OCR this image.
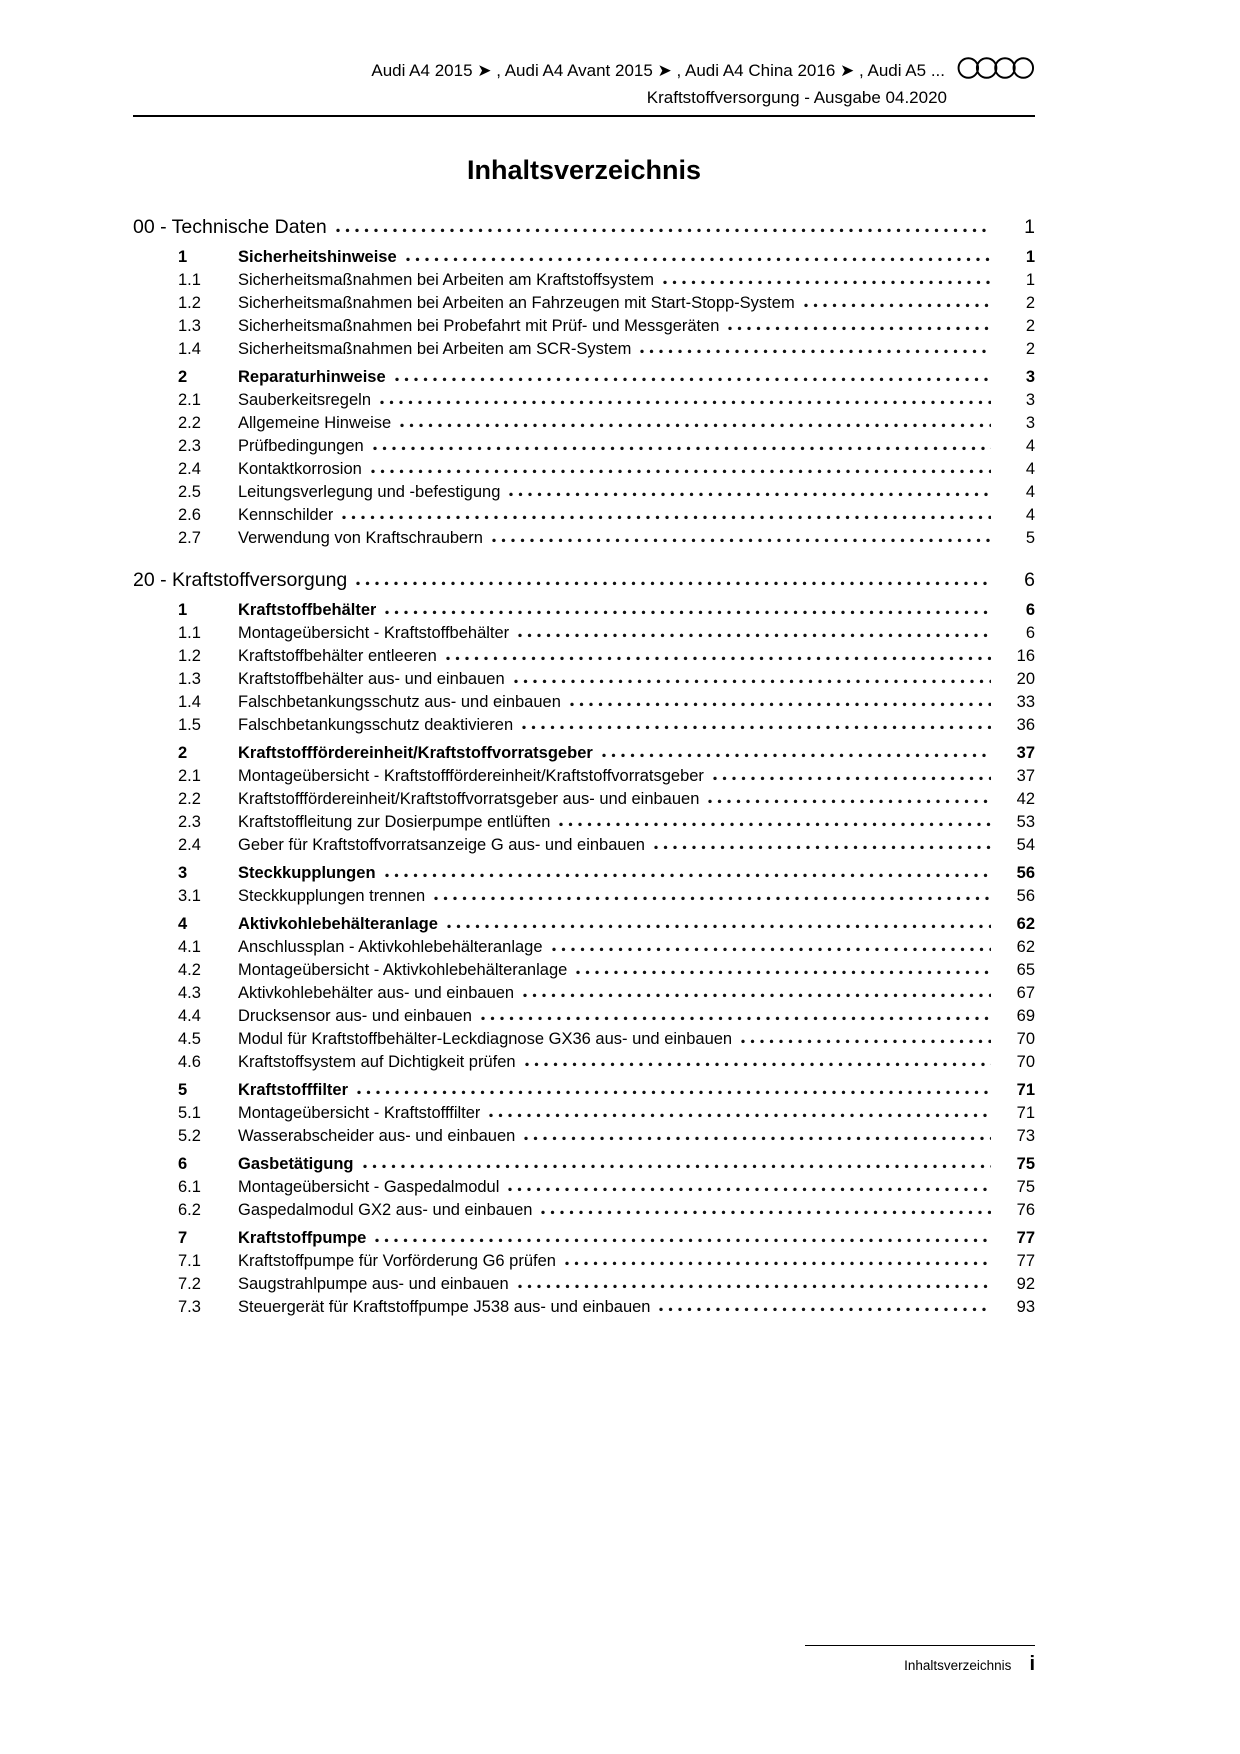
Audi A4 2015 ➤ , Audi A4 Avant 2015 ➤ , Audi A4 China 2016 ➤ , Audi A5 ...
Kraftstoffversorgung - Ausgabe 04.2020
Inhaltsverzeichnis
00 - Technische Daten	1
1	Sicherheitshinweise	1
1.1	Sicherheitsmaßnahmen bei Arbeiten am Kraftstoffsystem	1
1.2	Sicherheitsmaßnahmen bei Arbeiten an Fahrzeugen mit Start-Stopp-System	2
1.3	Sicherheitsmaßnahmen bei Probefahrt mit Prüf- und Messgeräten	2
1.4	Sicherheitsmaßnahmen bei Arbeiten am SCR-System	2
2	Reparaturhinweise	3
2.1	Sauberkeitsregeln	3
2.2	Allgemeine Hinweise	3
2.3	Prüfbedingungen	4
2.4	Kontaktkorrosion	4
2.5	Leitungsverlegung und -befestigung	4
2.6	Kennschilder	4
2.7	Verwendung von Kraftschraubern	5
20 - Kraftstoffversorgung	6
1	Kraftstoffbehälter	6
1.1	Montageübersicht - Kraftstoffbehälter	6
1.2	Kraftstoffbehälter entleeren	16
1.3	Kraftstoffbehälter aus- und einbauen	20
1.4	Falschbetankungsschutz aus- und einbauen	33
1.5	Falschbetankungsschutz deaktivieren	36
2	Kraftstofffördereinheit/Kraftstoffvorratsgeber	37
2.1	Montageübersicht - Kraftstofffördereinheit/Kraftstoffvorratsgeber	37
2.2	Kraftstofffördereinheit/Kraftstoffvorratsgeber aus- und einbauen	42
2.3	Kraftstoffleitung zur Dosierpumpe entlüften	53
2.4	Geber für Kraftstoffvorratsanzeige G aus- und einbauen	54
3	Steckkupplungen	56
3.1	Steckkupplungen trennen	56
4	Aktivkohlebehälteranlage	62
4.1	Anschlussplan - Aktivkohlebehälteranlage	62
4.2	Montageübersicht - Aktivkohlebehälteranlage	65
4.3	Aktivkohlebehälter aus- und einbauen	67
4.4	Drucksensor aus- und einbauen	69
4.5	Modul für Kraftstoffbehälter-Leckdiagnose GX36 aus- und einbauen	70
4.6	Kraftstoffsystem auf Dichtigkeit prüfen	70
5	Kraftstofffilter	71
5.1	Montageübersicht - Kraftstofffilter	71
5.2	Wasserabscheider aus- und einbauen	73
6	Gasbetätigung	75
6.1	Montageübersicht - Gaspedalmodul	75
6.2	Gaspedalmodul GX2 aus- und einbauen	76
7	Kraftstoffpumpe	77
7.1	Kraftstoffpumpe für Vorförderung G6 prüfen	77
7.2	Saugstrahlpumpe aus- und einbauen	92
7.3	Steuergerät für Kraftstoffpumpe J538 aus- und einbauen	93
Inhaltsverzeichnis i
